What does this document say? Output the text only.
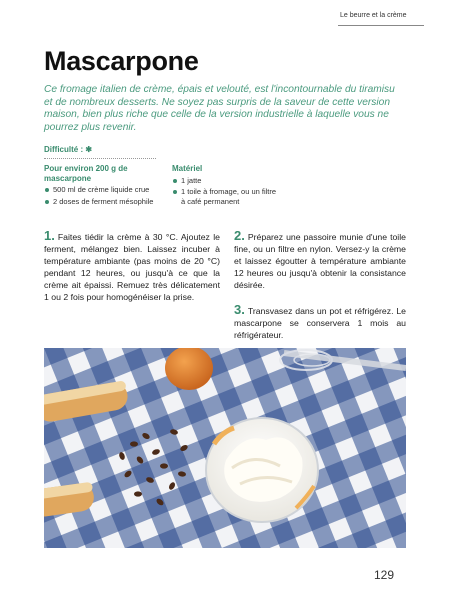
Le beurre et la crème
Mascarpone
Ce fromage italien de crème, épais et velouté, est l'incontournable du tiramisu et de nombreux desserts. Ne soyez pas surpris de la saveur de cette version maison, bien plus riche que celle de la version industrielle à laquelle vous ne pourrez plus revenir.
Difficulté : ✱
Pour environ 200 g de mascarpone
500 ml de crème liquide crue
2 doses de ferment mésophile
Matériel
1 jatte
1 toile à fromage, ou un filtre à café permanent
1. Faites tiédir la crème à 30 °C. Ajoutez le ferment, mélangez bien. Laissez incuber à température ambiante (pas moins de 20 °C) pendant 12 heures, ou jusqu'à ce que la crème ait épaissi. Remuez très délicatement 1 ou 2 fois pour homogénéiser la prise.
2. Préparez une passoire munie d'une toile fine, ou un filtre en nylon. Versez-y la crème et laissez égoutter à température ambiante 12 heures ou jusqu'à obtenir la consistance désirée.
3. Transvasez dans un pot et réfrigérez. Le mascarpone se conservera 1 mois au réfrigérateur.
129
